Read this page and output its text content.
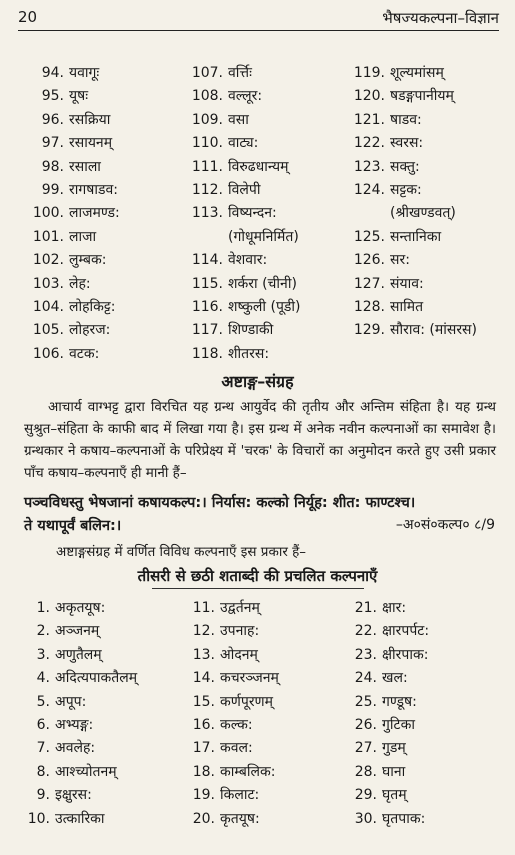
20	भैषज्यकल्पना–विज्ञान
94. यवागूः
95. यूषः
96. रसक्रिया
97. रसायनम्
98. रसाला
99. रागषाडव:
100. लाजमण्ड:
101. लाजा
102. लुम्बक:
103. लेह:
104. लोहकिट्ट:
105. लोहरज:
106. वटक:
107. वर्त्तिः
108. वल्लूर:
109. वसा
110. वाट्य:
111. विरुढधान्यम्
112. विलेपी
113. विष्यन्दन:
(गोधूमनिर्मित)
114. वेशवार:
115. शर्करा (चीनी)
116. शष्कुली (पूडी)
117. शिण्डाकी
118. शीतरस:
119. शूल्यमांसम्
120. षडङ्गपानीयम्
121. षाडव:
122. स्वरस:
123. सक्तु:
124. सट्टक:
(श्रीखण्डवत्)
125. सन्तानिका
126. सर:
127. संयाव:
128. सामित
129. सौराव: (मांसरस)
अष्टाङ्ग–संग्रह
आचार्य वाग्भट्ट द्वारा विरचित यह ग्रन्थ आयुर्वेद की तृतीय और अन्तिम संहिता है। यह ग्रन्थ सुश्रुत–संहिता के काफी बाद में लिखा गया है। इस ग्रन्थ में अनेक नवीन कल्पनाओं का समावेश है। ग्रन्थकार ने कषाय–कल्पनाओं के परिप्रेक्ष्य में 'चरक' के विचारों का अनुमोदन करते हुए उसी प्रकार पाँच कषाय–कल्पनाएँ ही मानी हैं–
पञ्चविधस्तु भेषजानां कषायकल्प:। निर्यास: कल्को निर्यूह: शीत: फाण्टश्च।
ते यथापूर्वं बलिन:।	–अ०सं०कल्प० ८/9
अष्टाङ्गसंग्रह में वर्णित विविध कल्पनाएँ इस प्रकार हैं–
तीसरी से छठी शताब्दी की प्रचलित कल्पनाएँ
1. अकृतयूष:
2. अञ्जनम्
3. अणुतैलम्
4. अदित्यपाकतैलम्
5. अपूप:
6. अभ्यङ्ग:
7. अवलेह:
8. आश्च्योतनम्
9. इक्षुरस:
10. उत्कारिका
11. उद्वर्तनम्
12. उपनाह:
13. ओदनम्
14. कचरञ्जनम्
15. कर्णपूरणम्
16. कल्क:
17. कवल:
18. काम्बलिक:
19. किलाट:
20. कृतयूष:
21. क्षार:
22. क्षारपर्पट:
23. क्षीरपाक:
24. खल:
25. गण्डूष:
26. गुटिका
27. गुडम्
28. घाना
29. घृतम्
30. घृतपाक:
